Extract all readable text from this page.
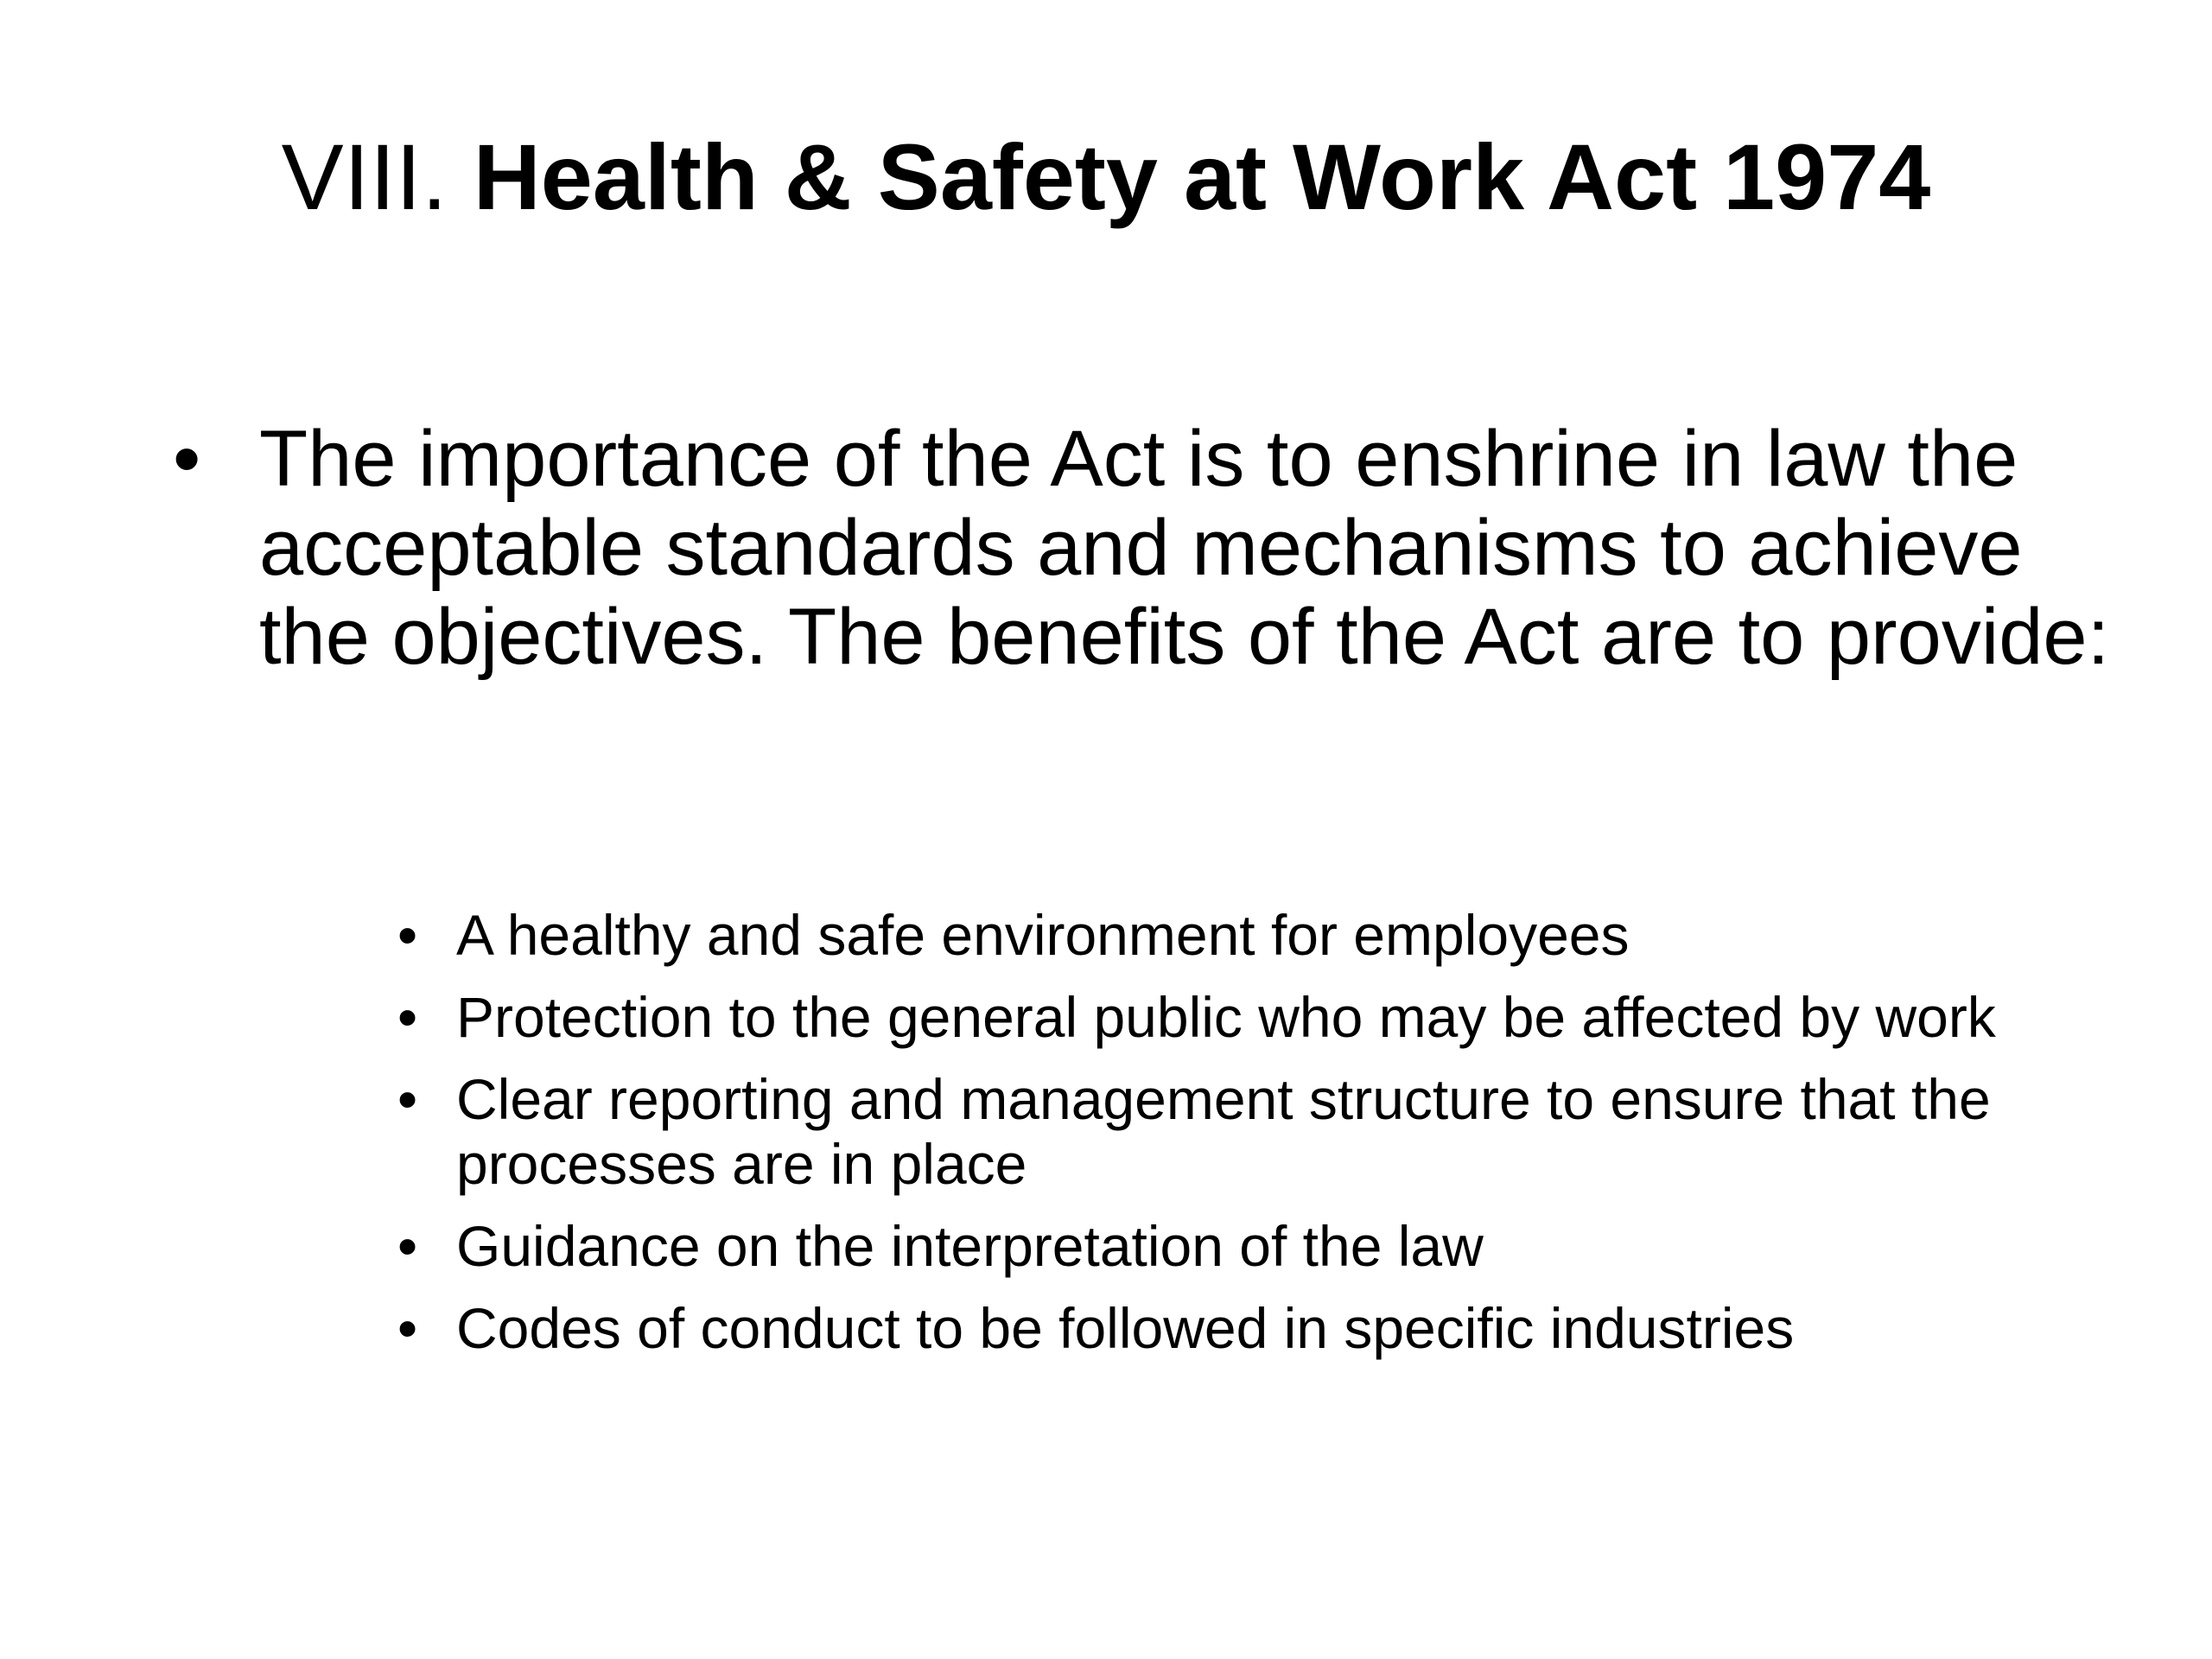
VIII. Health & Safety at Work Act 1974
• The importance of the Act is to enshrine in law the acceptable standards and mechanisms to achieve the objectives. The benefits of the Act are to provide:
• A healthy and safe environment for employees
• Protection to the general public who may be affected by work
• Clear reporting and management structure to ensure that the processes are in place
• Guidance on the interpretation of the law
• Codes of conduct to be followed in specific industries
